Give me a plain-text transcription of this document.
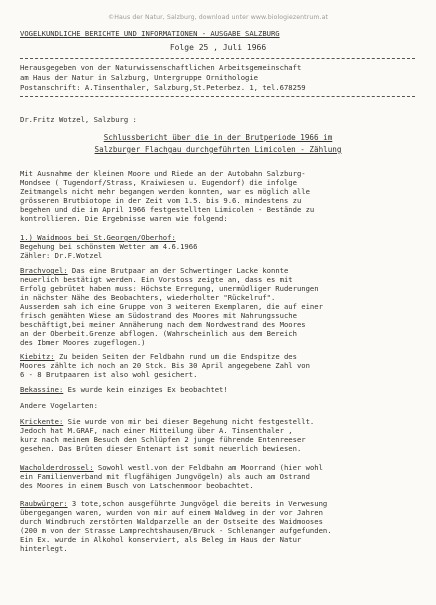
©Haus der Natur, Salzburg, download unter www.biologiezentrum.at
VOGELKUNDLICHE BERICHTE UND INFORMATIONEN - AUSGABE SALZBURG
Folge 25 , Juli 1966
Herausgegeben von der Naturwissenschaftlichen Arbeitsgemeinschaft
am Haus der Natur in Salzburg, Untergruppe Ornithologie
Postanschrift: A.Tinsenthaler, Salzburg,St.Peterbez. 1, tel.678259
Dr.Fritz Wotzel, Salzburg :
Schlussbericht über die in der Brutperiode 1966 im
Salzburger Flachgau durchgeführten Limicolen - Zählung
Mit Ausnahme der kleinen Moore und Riede an der Autobahn Salzburg-
Mondsee ( Tugendorf/Strass, Kraiwiesen u. Eugendorf) die infolge
Zeitmangels nicht mehr begangen werden konnten, war es möglich alle
grösseren Brutbiotope in der Zeit vom 1.5. bis 9.6. mindestens zu
begehen und die im April 1966 festgestellten Limicolen - Bestände zu
kontrollieren. Die Ergebnisse waren wie folgend:
1.) Waidmoos bei St.Georgen/Oberhof:
Begehung bei schönstem Wetter am 4.6.1966
Zähler: Dr.F.Wotzel
Brachvogel: Das eine Brutpaar an der Schwertinger Lacke konnte
neuerlich bestätigt werden. Ein Vorstoss zeigte an, dass es mit
Erfolg gebrütet haben muss: Höchste Erregung, unermüdliger Ruderungen
in nächster Nähe des Beobachters, wiederholter "Rückelruf".
Ausserdem sah ich eine Gruppe von 3 weiteren Exemplaren, die auf einer
frisch gemähten Wiese am Südostrand des Moores mit Nahrungssuche
beschäftigt,bei meiner Annäherung nach dem Nordwestrand des Moores
an der Oberbeit.Grenze abflogen. (Wahrscheinlich aus dem Bereich
des Ibmer Moores zugeflogen.)
Kiebitz: Zu beiden Seiten der Feldbahn rund um die Endspitze des
Moores zählte ich noch an 20 Stck. Bis 30 April angegebene Zahl von
6 - 8 Brutpaaren ist also wohl gesichert.
Bekassine: Es wurde kein einziges Ex beobachtet!
Andere Vogelarten:
Krickente: Sie wurde von mir bei dieser Begehung nicht festgestellt.
Jedoch hat M.GRAF, nach einer Mitteilung über A. Tinsenthaler ,
kurz nach meinem Besuch den Schlüpfen 2 junge führende Entenreeser
gesehen. Das Brüten dieser Entenart ist somit neuerlich bewiesen.
Wacholderdrossel: Sowohl westl.von der Feldbahn am Moorrand (hier wohl
ein Familienverband mit flugfähigen Jungvögeln) als auch am Ostrand
des Moores in einem Busch von Latschenmoor beobachtet.
Raubwürger: 3 tote,schon ausgeführte Jungvögel die bereits in Verwesung
übergegangen waren, wurden von mir auf einem Waldweg in der vor Jahren
durch Windbruch zerstörten Waldparzelle an der Ostseite des Waidmooses
(200 m von der Strasse Lamprechtshausen/Bruck - Schlenanger aufgefunden.
Ein Ex. wurde in Alkohol konserviert, als Beleg im Haus der Natur
hinterlegt.
